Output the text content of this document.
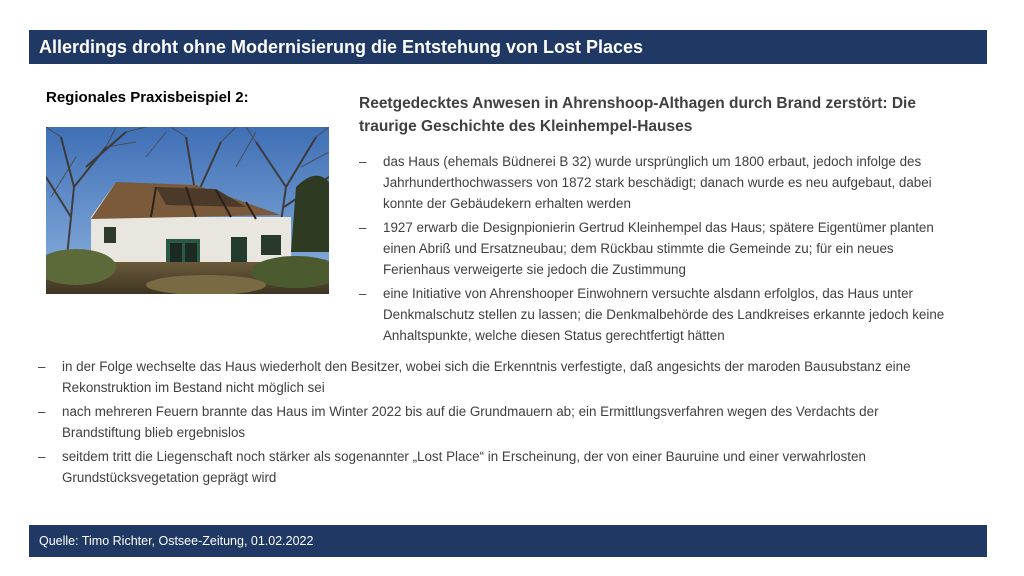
Allerdings droht ohne Modernisierung die Entstehung von Lost Places
Regionales Praxisbeispiel 2:	Reetgedecktes Anwesen in Ahrenshoop-Althagen durch Brand zerstört: Die traurige Geschichte des Kleinhempel-Hauses
– das Haus (ehemals Büdnerei B 32) wurde ursprünglich um 1800 erbaut, jedoch infolge des Jahrhunderthochwassers von 1872 stark beschädigt; danach wurde es neu aufgebaut, dabei konnte der Gebäudekern erhalten werden
– 1927 erwarb die Designpionierin Gertrud Kleinhempel das Haus; spätere Eigentümer planten einen Abriß und Ersatzneubau; dem Rückbau stimmte die Gemeinde zu; für ein neues Ferienhaus verweigerte sie jedoch die Zustimmung
– eine Initiative von Ahrenshooper Einwohnern versuchte alsdann erfolglos, das Haus unter Denkmalschutz stellen zu lassen; die Denkmalbehörde des Landkreises erkannte jedoch keine Anhaltspunkte, welche diesen Status gerechtfertigt hätten
– in der Folge wechselte das Haus wiederholt den Besitzer, wobei sich die Erkenntnis verfestigte, daß angesichts der maroden Bausubstanz eine Rekonstruktion im Bestand nicht möglich sei
– nach mehreren Feuern brannte das Haus im Winter 2022 bis auf die Grundmauern ab; ein Ermittlungsverfahren wegen des Verdachts der Brandstiftung blieb ergebnislos
– seitdem tritt die Liegenschaft noch stärker als sogenannter „Lost Place“ in Erscheinung, der von einer Bauruine und einer verwahrlosten Grundstücksvegetation geprägt wird
Quelle: Timo Richter, Ostsee-Zeitung, 01.02.2022
